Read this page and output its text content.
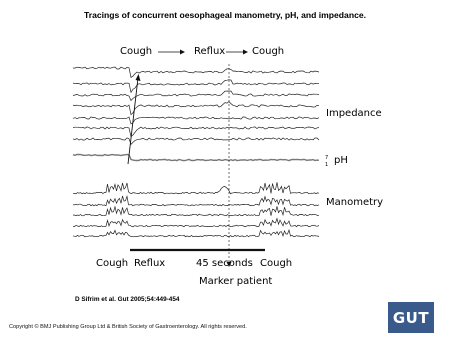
Tracings of concurrent oesophageal manometry, pH, and impedance.
Cough	Reflux	Cough
Impedance
7
1 pH
Manometry
Cough Reflux	45 seconds Cough
Marker patient
D Sifrim et al. Gut 2005;54:449-454
Copyright © BMJ Publishing Group Ltd & British Society of Gastroenterology. All rights reserved.
GUT
